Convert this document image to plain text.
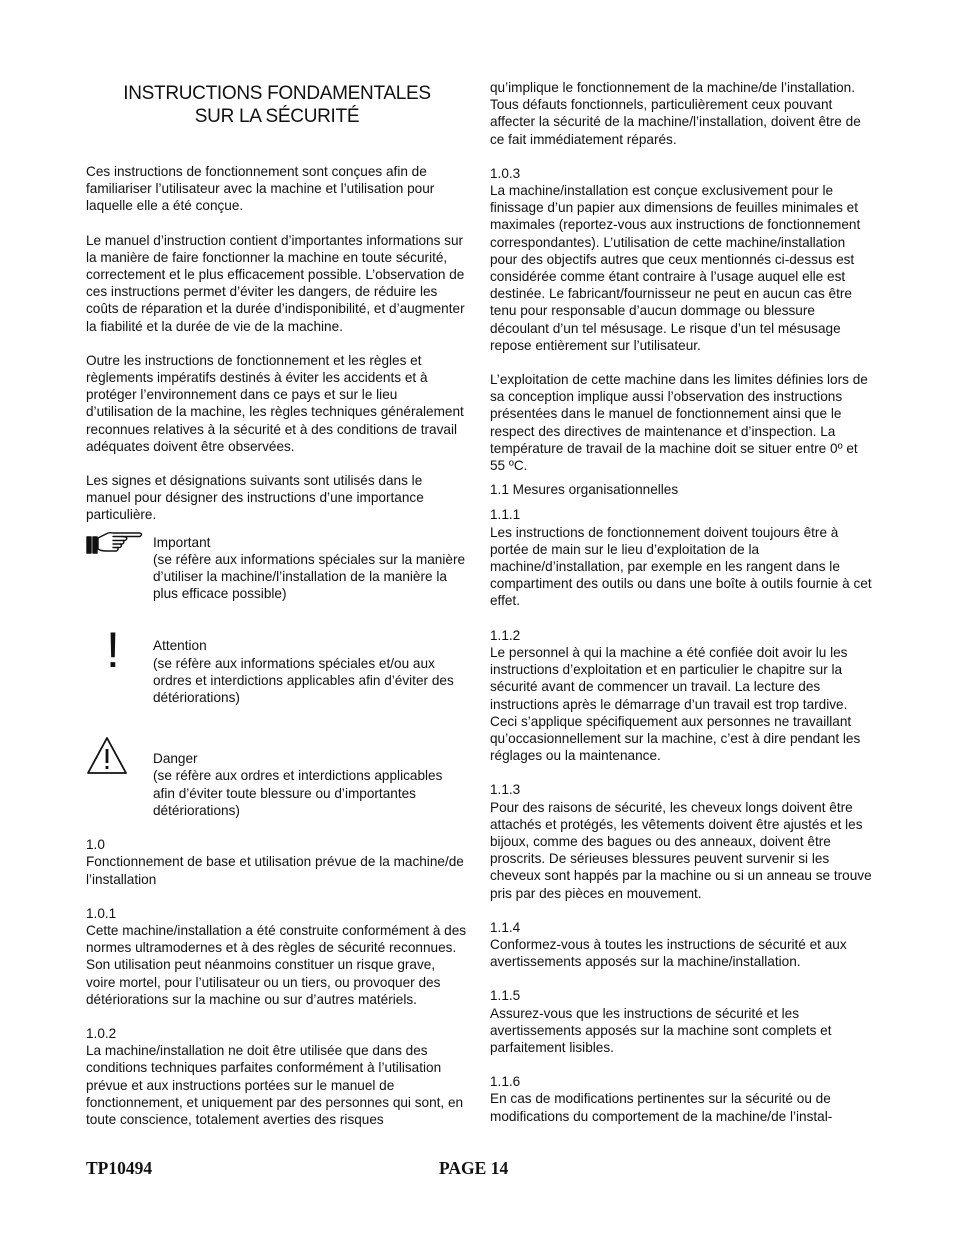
INSTRUCTIONS FONDAMENTALES
SUR LA SÉCURITÉ

Ces instructions de fonctionnement sont conçues afin de familiariser l’utilisateur avec la machine et l’utilisation pour laquelle elle a été conçue.

Le manuel d’instruction contient d’importantes informations sur la manière de faire fonctionner la machine en toute sécurité, correctement et le plus efficacement possible. L’observation de ces instructions permet d’éviter les dangers, de réduire les coûts de réparation et la durée d’indisponibilité, et d’augmenter la fiabilité et la durée de vie de la machine.

Outre les instructions de fonctionnement et les règles et règlements impératifs destinés à éviter les accidents et à protéger l’environnement dans ce pays et sur le lieu d’utilisation de la machine, les règles techniques généralement reconnues relatives à la sécurité et à des conditions de travail adéquates doivent être observées.

Les signes et désignations suivants sont utilisés dans le manuel pour désigner des instructions d’une importance particulière.

Important

(se réfère aux informations spéciales sur la manière d’utiliser la machine/l’installation de la manière la plus efficace possible)

! Attention

(se réfère aux informations spéciales et/ou aux ordres et interdictions applicables afin d’éviter des détériorations)

Danger

(se réfère aux ordres et interdictions applicables afin d’éviter toute blessure ou d’importantes détériorations)

1.0

Fonctionnement de base et utilisation prévue de la machine/de l’installation

1.0.1

Cette machine/installation a été construite conformément à des normes ultramodernes et à des règles de sécurité reconnues. Son utilisation peut néanmoins constituer un risque grave, voire mortel, pour l’utilisateur ou un tiers, ou provoquer des détériorations sur la machine ou sur d’autres matériels.

1.0.2

La machine/installation ne doit être utilisée que dans des conditions techniques parfaites conformément à l’utilisation prévue et aux instructions portées sur le manuel de fonctionnement, et uniquement par des personnes qui sont, en toute conscience, totalement averties des risques

qu’implique le fonctionnement de la machine/de l’installation. Tous défauts fonctionnels, particulièrement ceux pouvant affecter la sécurité de la machine/l’installation, doivent être de ce fait immédiatement réparés.

1.0.3

La machine/installation est conçue exclusivement pour le finissage d’un papier aux dimensions de feuilles minimales et maximales (reportez-vous aux instructions de fonctionnement correspondantes). L’utilisation de cette machine/installation pour des objectifs autres que ceux mentionnés ci-dessus est considérée comme étant contraire à l’usage auquel elle est destinée. Le fabricant/fournisseur ne peut en aucun cas être tenu pour responsable d’aucun dommage ou blessure découlant d’un tel mésusage. Le risque d’un tel mésusage repose entièrement sur l’utilisateur.

L’exploitation de cette machine dans les limites définies lors de sa conception implique aussi l’observation des instructions présentées dans le manuel de fonctionnement ainsi que le respect des directives de maintenance et d’inspection. La température de travail de la machine doit se situer entre 0º et 55 ºC.

1.1 Mesures organisationnelles

1.1.1

Les instructions de fonctionnement doivent toujours être à portée de main sur le lieu d’exploitation de la machine/d’installation, par exemple en les rangent dans le compartiment des outils ou dans une boîte à outils fournie à cet effet.

1.1.2

Le personnel à qui la machine a été confiée doit avoir lu les instructions d’exploitation et en particulier le chapitre sur la sécurité avant de commencer un travail. La lecture des instructions après le démarrage d’un travail est trop tardive. Ceci s’applique spécifiquement aux personnes ne travaillant qu’occasionnellement sur la machine, c’est à dire pendant les réglages ou la maintenance.

1.1.3

Pour des raisons de sécurité, les cheveux longs doivent être attachés et protégés, les vêtements doivent être ajustés et les bijoux, comme des bagues ou des anneaux, doivent être proscrits. De sérieuses blessures peuvent survenir si les cheveux sont happés par la machine ou si un anneau se trouve pris par des pièces en mouvement.

1.1.4

Conformez-vous à toutes les instructions de sécurité et aux avertissements apposés sur la machine/installation.

1.1.5

Assurez-vous que les instructions de sécurité et les avertissements apposés sur la machine sont complets et parfaitement lisibles.

1.1.6

En cas de modifications pertinentes sur la sécurité ou de modifications du comportement de la machine/de l’instal-

TP10494	PAGE 14
